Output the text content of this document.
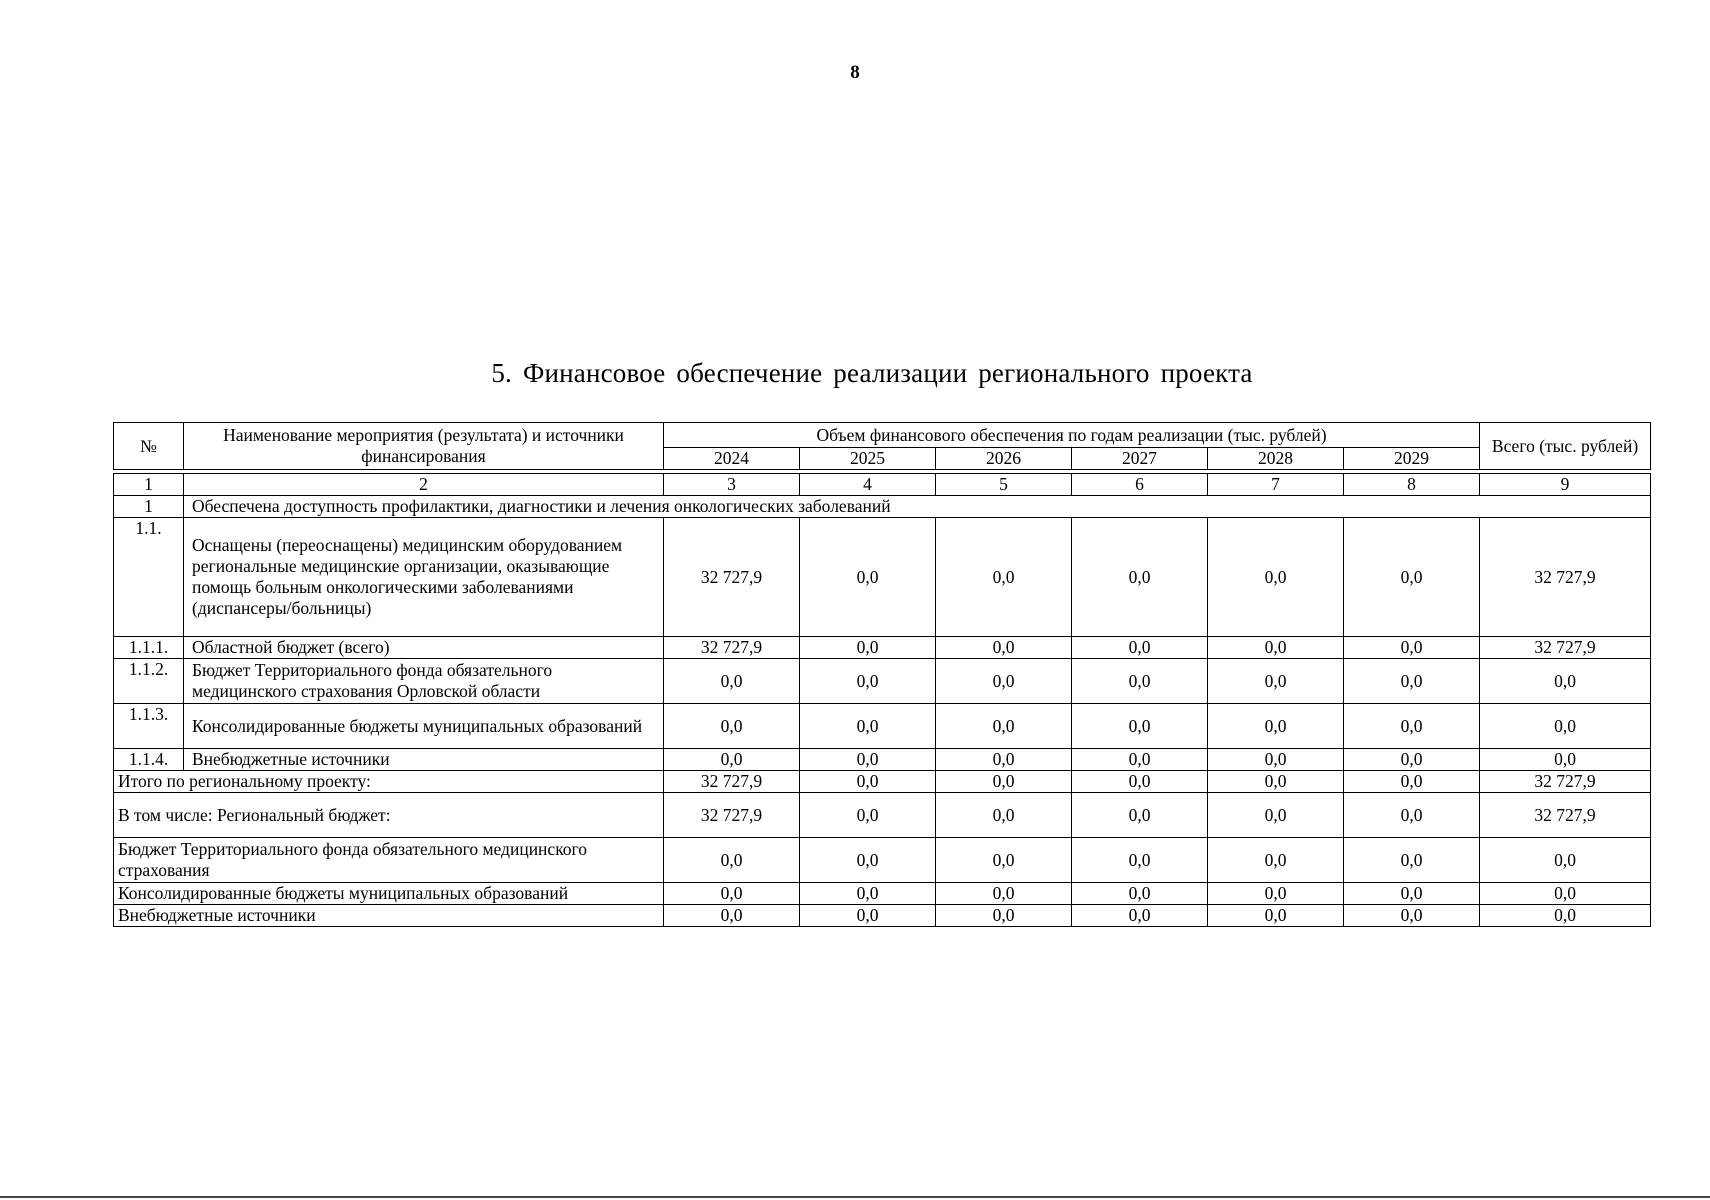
8
5. Финансовое обеспечение реализации регионального проекта
№	Наименование мероприятия (результата) и источники финансирования	Объем финансового обеспечения по годам реализации (тыс. рублей)						Всего (тыс. рублей)
		2024	2025	2026	2027	2028	2029	

1	2	3	4	5	6	7	8	9
1	Обеспечена доступность профилактики, диагностики и лечения онкологических заболеваний							
1.1.	Оснащены (переоснащены) медицинским оборудованием региональные медицинские организации, оказывающие помощь больным онкологическими заболеваниями (диспансеры/больницы)	32 727,9	0,0	0,0	0,0	0,0	0,0	32 727,9
1.1.1.	Областной бюджет (всего)	32 727,9	0,0	0,0	0,0	0,0	0,0	32 727,9
1.1.2.	Бюджет Территориального фонда обязательного медицинского страхования Орловской области	0,0	0,0	0,0	0,0	0,0	0,0	0,0
1.1.3.	Консолидированные бюджеты муниципальных образований	0,0	0,0	0,0	0,0	0,0	0,0	0,0
1.1.4.	Внебюджетные источники	0,0	0,0	0,0	0,0	0,0	0,0	0,0
Итого по региональному проекту:		32 727,9	0,0	0,0	0,0	0,0	0,0	32 727,9
В том числе: Региональный бюджет:		32 727,9	0,0	0,0	0,0	0,0	0,0	32 727,9
Бюджет Территориального фонда обязательного медицинского страхования		0,0	0,0	0,0	0,0	0,0	0,0	0,0
Консолидированные бюджеты муниципальных образований		0,0	0,0	0,0	0,0	0,0	0,0	0,0
Внебюджетные источники		0,0	0,0	0,0	0,0	0,0	0,0	0,0
